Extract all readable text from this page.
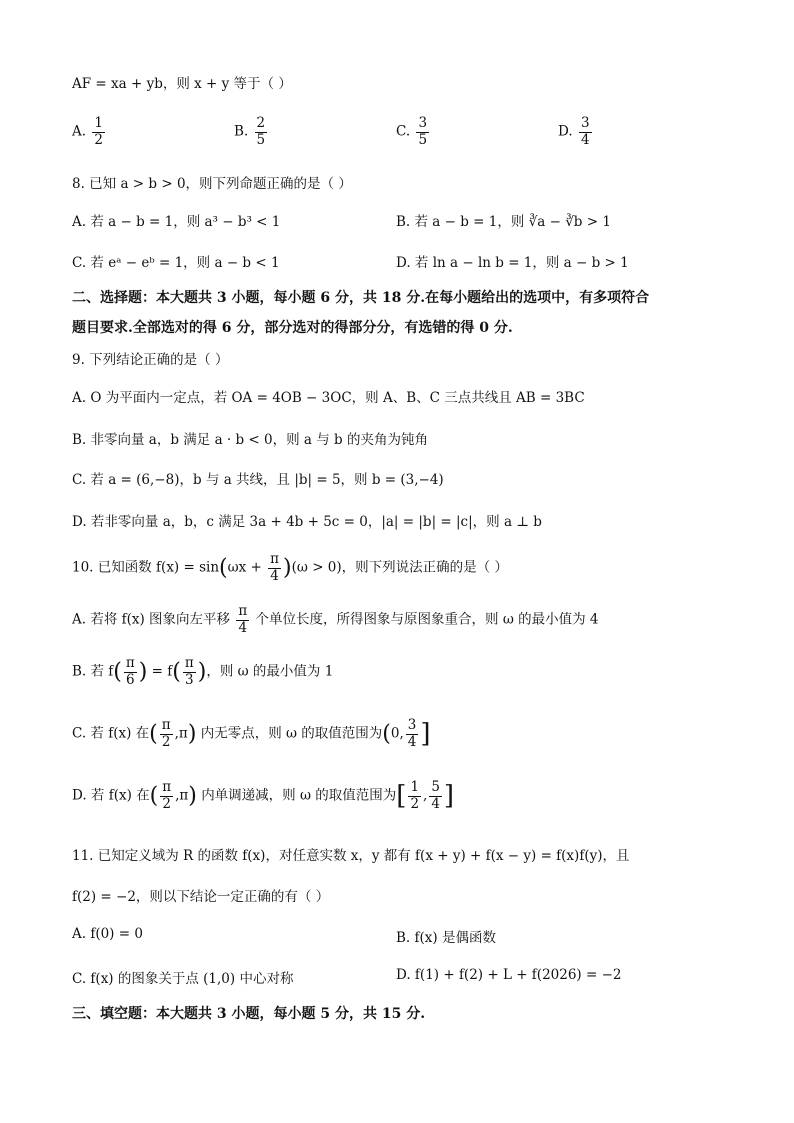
AF = xa + yb，则 x + y 等于（ ）
A. $\frac{1}{2}$	B. $\frac{2}{5}$	C. $\frac{3}{5}$	D. $\frac{3}{4}$
8. 已知 a > b > 0，则下列命题正确的是（ ）
A. 若 a − b = 1，则 a³ − b³ < 1	B. 若 a − b = 1，则 ∛a − ∛b > 1
C. 若 eᵃ − eᵇ = 1，则 a − b < 1	D. 若 ln a − ln b = 1，则 a − b > 1
二、选择题：本大题共 3 小题，每小题 6 分，共 18 分.在每小题给出的选项中，有多项符合
题目要求.全部选对的得 6 分，部分选对的得部分分，有选错的得 0 分.
9. 下列结论正确的是（ ）
A. O 为平面内一定点，若 OA = 4OB − 3OC，则 A、B、C 三点共线且 AB = 3BC
B. 非零向量 a，b 满足 a · b < 0，则 a 与 b 的夹角为钝角
C. 若 a = (6,−8)，b 与 a 共线，且 |b| = 5，则 b = (3,−4)
D. 若非零向量 a，b，c 满足 3a + 4b + 5c = 0，|a| = |b| = |c|，则 a ⊥ b
10. 已知函数 $f(x) = \sin(\omega x + \frac{\pi}{4} )(\omega > 0)$，则下列说法正确的是（ ）
A. 若将 f(x) 图象向左平移 $\frac{\pi}{4}$ 个单位长度，所得图象与原图象重合，则 ω 的最小值为 4
B. 若 $f( \frac{\pi}{6}$ ) = $f( \frac{\pi}{3}$ )，则 ω 的最小值为 1
C. 若 f(x) 在( $\frac{\pi}{2} ,\pi$) 内无零点，则 ω 的取值范围为(0, $\frac{3}{4}$ ]
D. 若 f(x) 在( $\frac{\pi}{2} ,\pi$) 内单调递减，则 ω 的取值范围为[ $\frac{1}{2}$ , $\frac{5}{4}$ ]
11. 已知定义域为 R 的函数 f(x)，对任意实数 x，y 都有 f(x + y) + f(x − y) = f(x)f(y)，且
f(2) = −2，则以下结论一定正确的有（ ）
A. f(0) = 0	B. f(x) 是偶函数
C. f(x) 的图象关于点 (1,0) 中心对称	D. f(1) + f(2) + L + f(2026) = −2
三、填空题：本大题共 3 小题，每小题 5 分，共 15 分.
